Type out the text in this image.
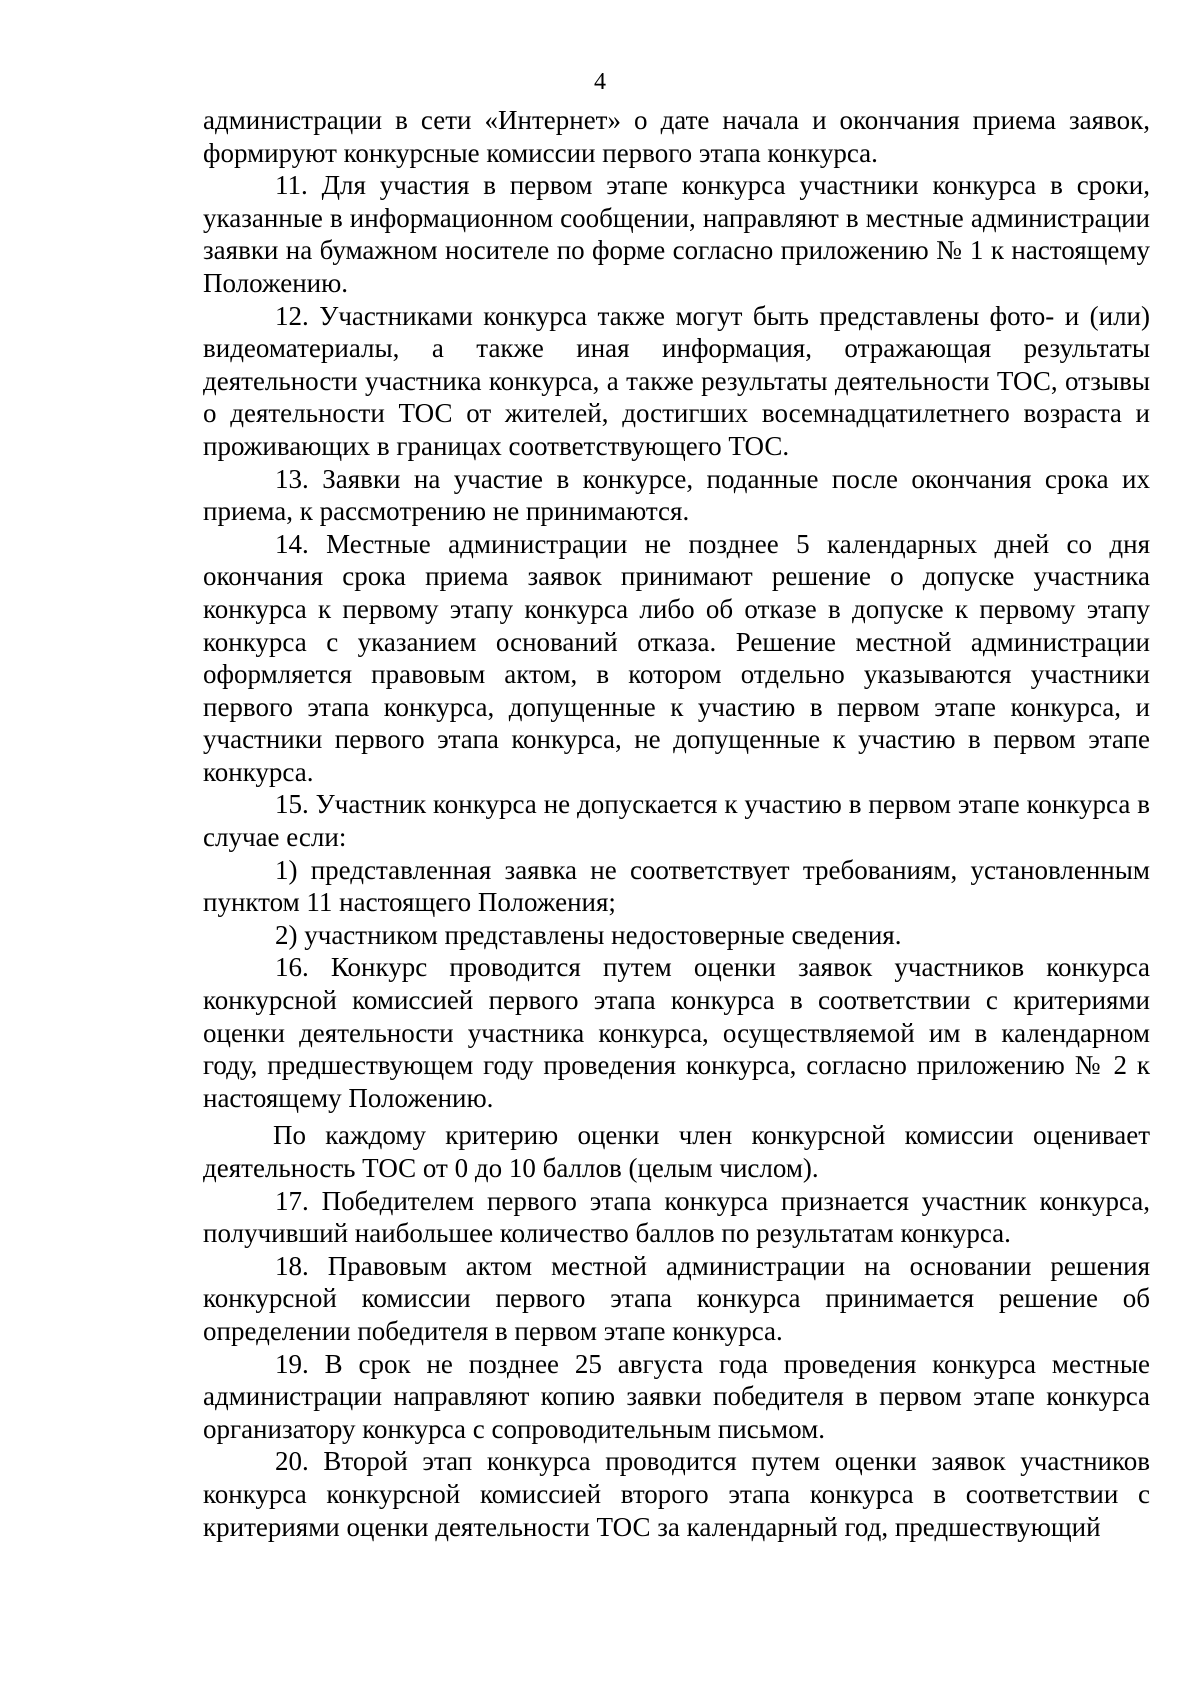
4

администрации в сети «Интернет» о дате начала и окончания приема заявок, формируют конкурсные комиссии первого этапа конкурса.

11. Для участия в первом этапе конкурса участники конкурса в сроки, указанные в информационном сообщении, направляют в местные администрации заявки на бумажном носителе по форме согласно приложению № 1 к настоящему Положению.

12. Участниками конкурса также могут быть представлены фото- и (или) видеоматериалы, а также иная информация, отражающая результаты деятельности участника конкурса, а также результаты деятельности ТОС, отзывы о деятельности ТОС от жителей, достигших восемнадцатилетнего возраста и проживающих в границах соответствующего ТОС.

13. Заявки на участие в конкурсе, поданные после окончания срока их приема, к рассмотрению не принимаются.

14. Местные администрации не позднее 5 календарных дней со дня окончания срока приема заявок принимают решение о допуске участника конкурса к первому этапу конкурса либо об отказе в допуске к первому этапу конкурса с указанием оснований отказа. Решение местной администрации оформляется правовым актом, в котором отдельно указываются участники первого этапа конкурса, допущенные к участию в первом этапе конкурса, и участники первого этапа конкурса, не допущенные к участию в первом этапе конкурса.

15. Участник конкурса не допускается к участию в первом этапе конкурса в случае если:

1) представленная заявка не соответствует требованиям, установленным пунктом 11 настоящего Положения;

2) участником представлены недостоверные сведения.

16. Конкурс проводится путем оценки заявок участников конкурса конкурсной комиссией первого этапа конкурса в соответствии с критериями оценки деятельности участника конкурса, осуществляемой им в календарном году, предшествующем году проведения конкурса, согласно приложению № 2 к настоящему Положению.

По каждому критерию оценки член конкурсной комиссии оценивает деятельность ТОС от 0 до 10 баллов (целым числом).

17. Победителем первого этапа конкурса признается участник конкурса, получивший наибольшее количество баллов по результатам конкурса.

18. Правовым актом местной администрации на основании решения конкурсной комиссии первого этапа конкурса принимается решение об определении победителя в первом этапе конкурса.

19. В срок не позднее 25 августа года проведения конкурса местные администрации направляют копию заявки победителя в первом этапе конкурса организатору конкурса с сопроводительным письмом.

20. Второй этап конкурса проводится путем оценки заявок участников конкурса конкурсной комиссией второго этапа конкурса в соответствии с критериями оценки деятельности ТОС за календарный год, предшествующий
